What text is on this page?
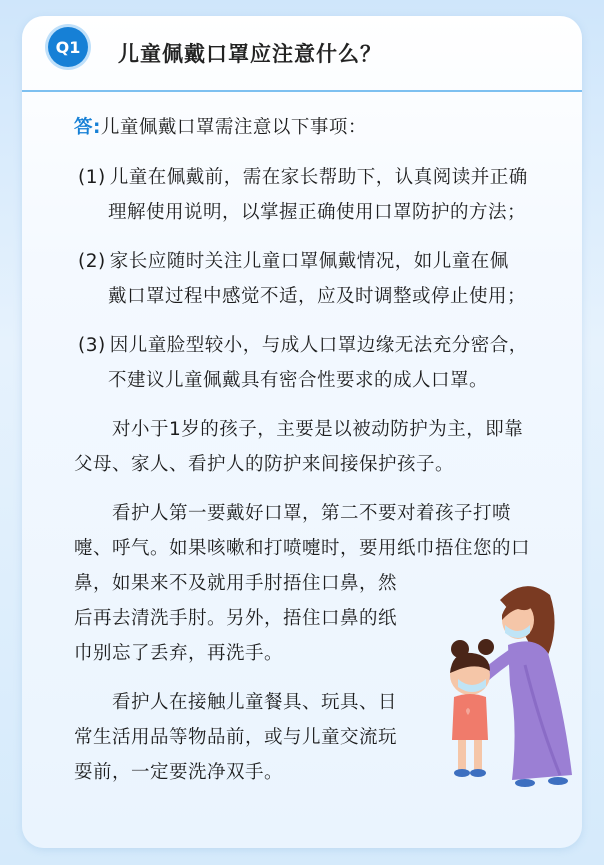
Q1	儿童佩戴口罩应注意什么？
答:儿童佩戴口罩需注意以下事项：
(1) 儿童在佩戴前，需在家长帮助下，认真阅读并正确
理解使用说明，以掌握正确使用口罩防护的方法；
(2) 家长应随时关注儿童口罩佩戴情况，如儿童在佩
戴口罩过程中感觉不适，应及时调整或停止使用；
(3) 因儿童脸型较小，与成人口罩边缘无法充分密合，
不建议儿童佩戴具有密合性要求的成人口罩。
对小于1岁的孩子，主要是以被动防护为主，即靠
父母、家人、看护人的防护来间接保护孩子。
看护人第一要戴好口罩，第二不要对着孩子打喷
嚏、呼气。如果咳嗽和打喷嚏时，要用纸巾捂住您的口
鼻，如果来不及就用手肘捂住口鼻，然
后再去清洗手肘。另外，捂住口鼻的纸
巾别忘了丢弃，再洗手。
看护人在接触儿童餐具、玩具、日
常生活用品等物品前，或与儿童交流玩
耍前，一定要洗净双手。
